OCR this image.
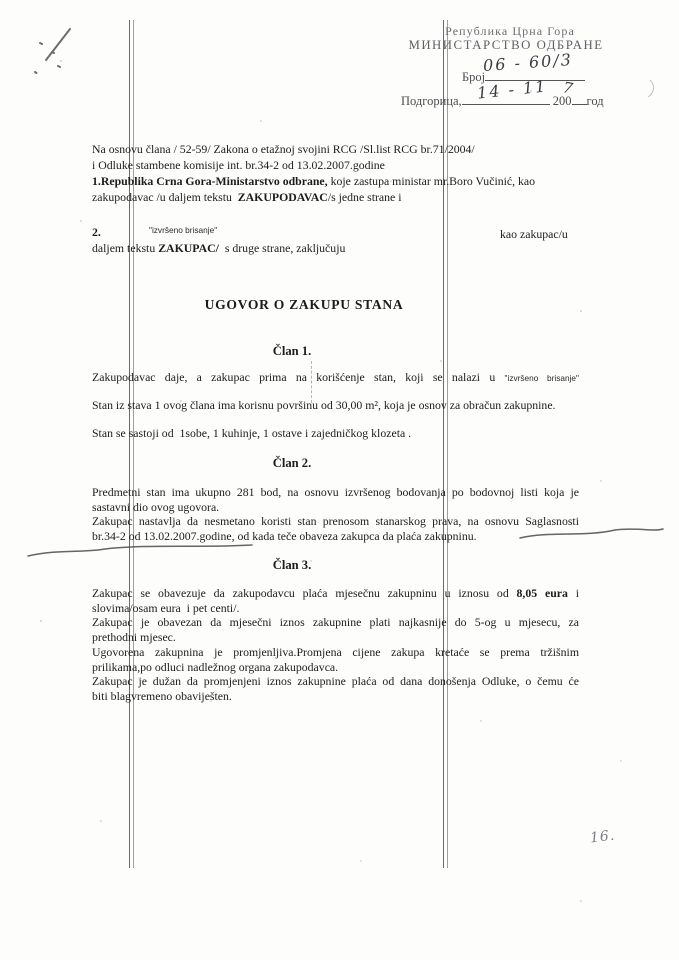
Република Црна Гора
МИНИСТАРСТВО ОДБРАНЕ
Број
06 - 60/3
Подгорица,	200 год
14 - 11 7
Na osnovu člana / 52-59/ Zakona o etažnoj svojini RCG /Sl.list RCG br.71/2004/
i Odluke stambene komisije int. br.34-2 od 13.02.2007.godine
1.Republika Crna Gora-Ministarstvo odbrane, koje zastupa ministar mr.Boro Vučinić, kao
zakupodavac /u daljem tekstu  ZAKUPODAVAC/s jedne strane i
2.	"izvršeno brisanje"	kao zakupac/u
daljem tekstu ZAKUPAC/  s druge strane, zaključuju
UGOVOR O ZAKUPU STANA
Član 1.
Zakupodavac daje, a zakupac prima na korišćenje stan, koji se nalazi u "izvršeno brisanje"
Stan iz stava 1 ovog člana ima korisnu površinu od 30,00 m², koja je osnov za obračun zakupnine.
Stan se sastoji od  1sobe, 1 kuhinje, 1 ostave i zajedničkog klozeta .
Član 2.
Predmetni stan ima ukupno 281 bod, na osnovu izvršenog bodovanja po bodovnoj listi koja je
sastavni dio ovog ugovora.
Zakupac nastavlja da nesmetano koristi stan prenosom stanarskog prava, na osnovu Saglasnosti
br.34-2 od 13.02.2007.godine, od kada teče obaveza zakupca da plaća zakupninu.
Član 3.
Zakupac se obavezuje da zakupodavcu plaća mjesečnu zakupninu u iznosu od 8,05 eura i
slovima/osam eura  i pet centi/.
Zakupac je obavezan da mjesečni iznos zakupnine plati najkasnije do 5-og u mjesecu, za
prethodni mjesec.
Ugovorena zakupnina je promjenljiva.Promjena cijene zakupa kretaće se prema tržišnim
prilikama,po odluci nadležnog organa zakupodavca.
Zakupac je dužan da promjenjeni iznos zakupnine plaća od dana donošenja Odluke, o čemu će
biti blagvremeno obaviješten.
16.
